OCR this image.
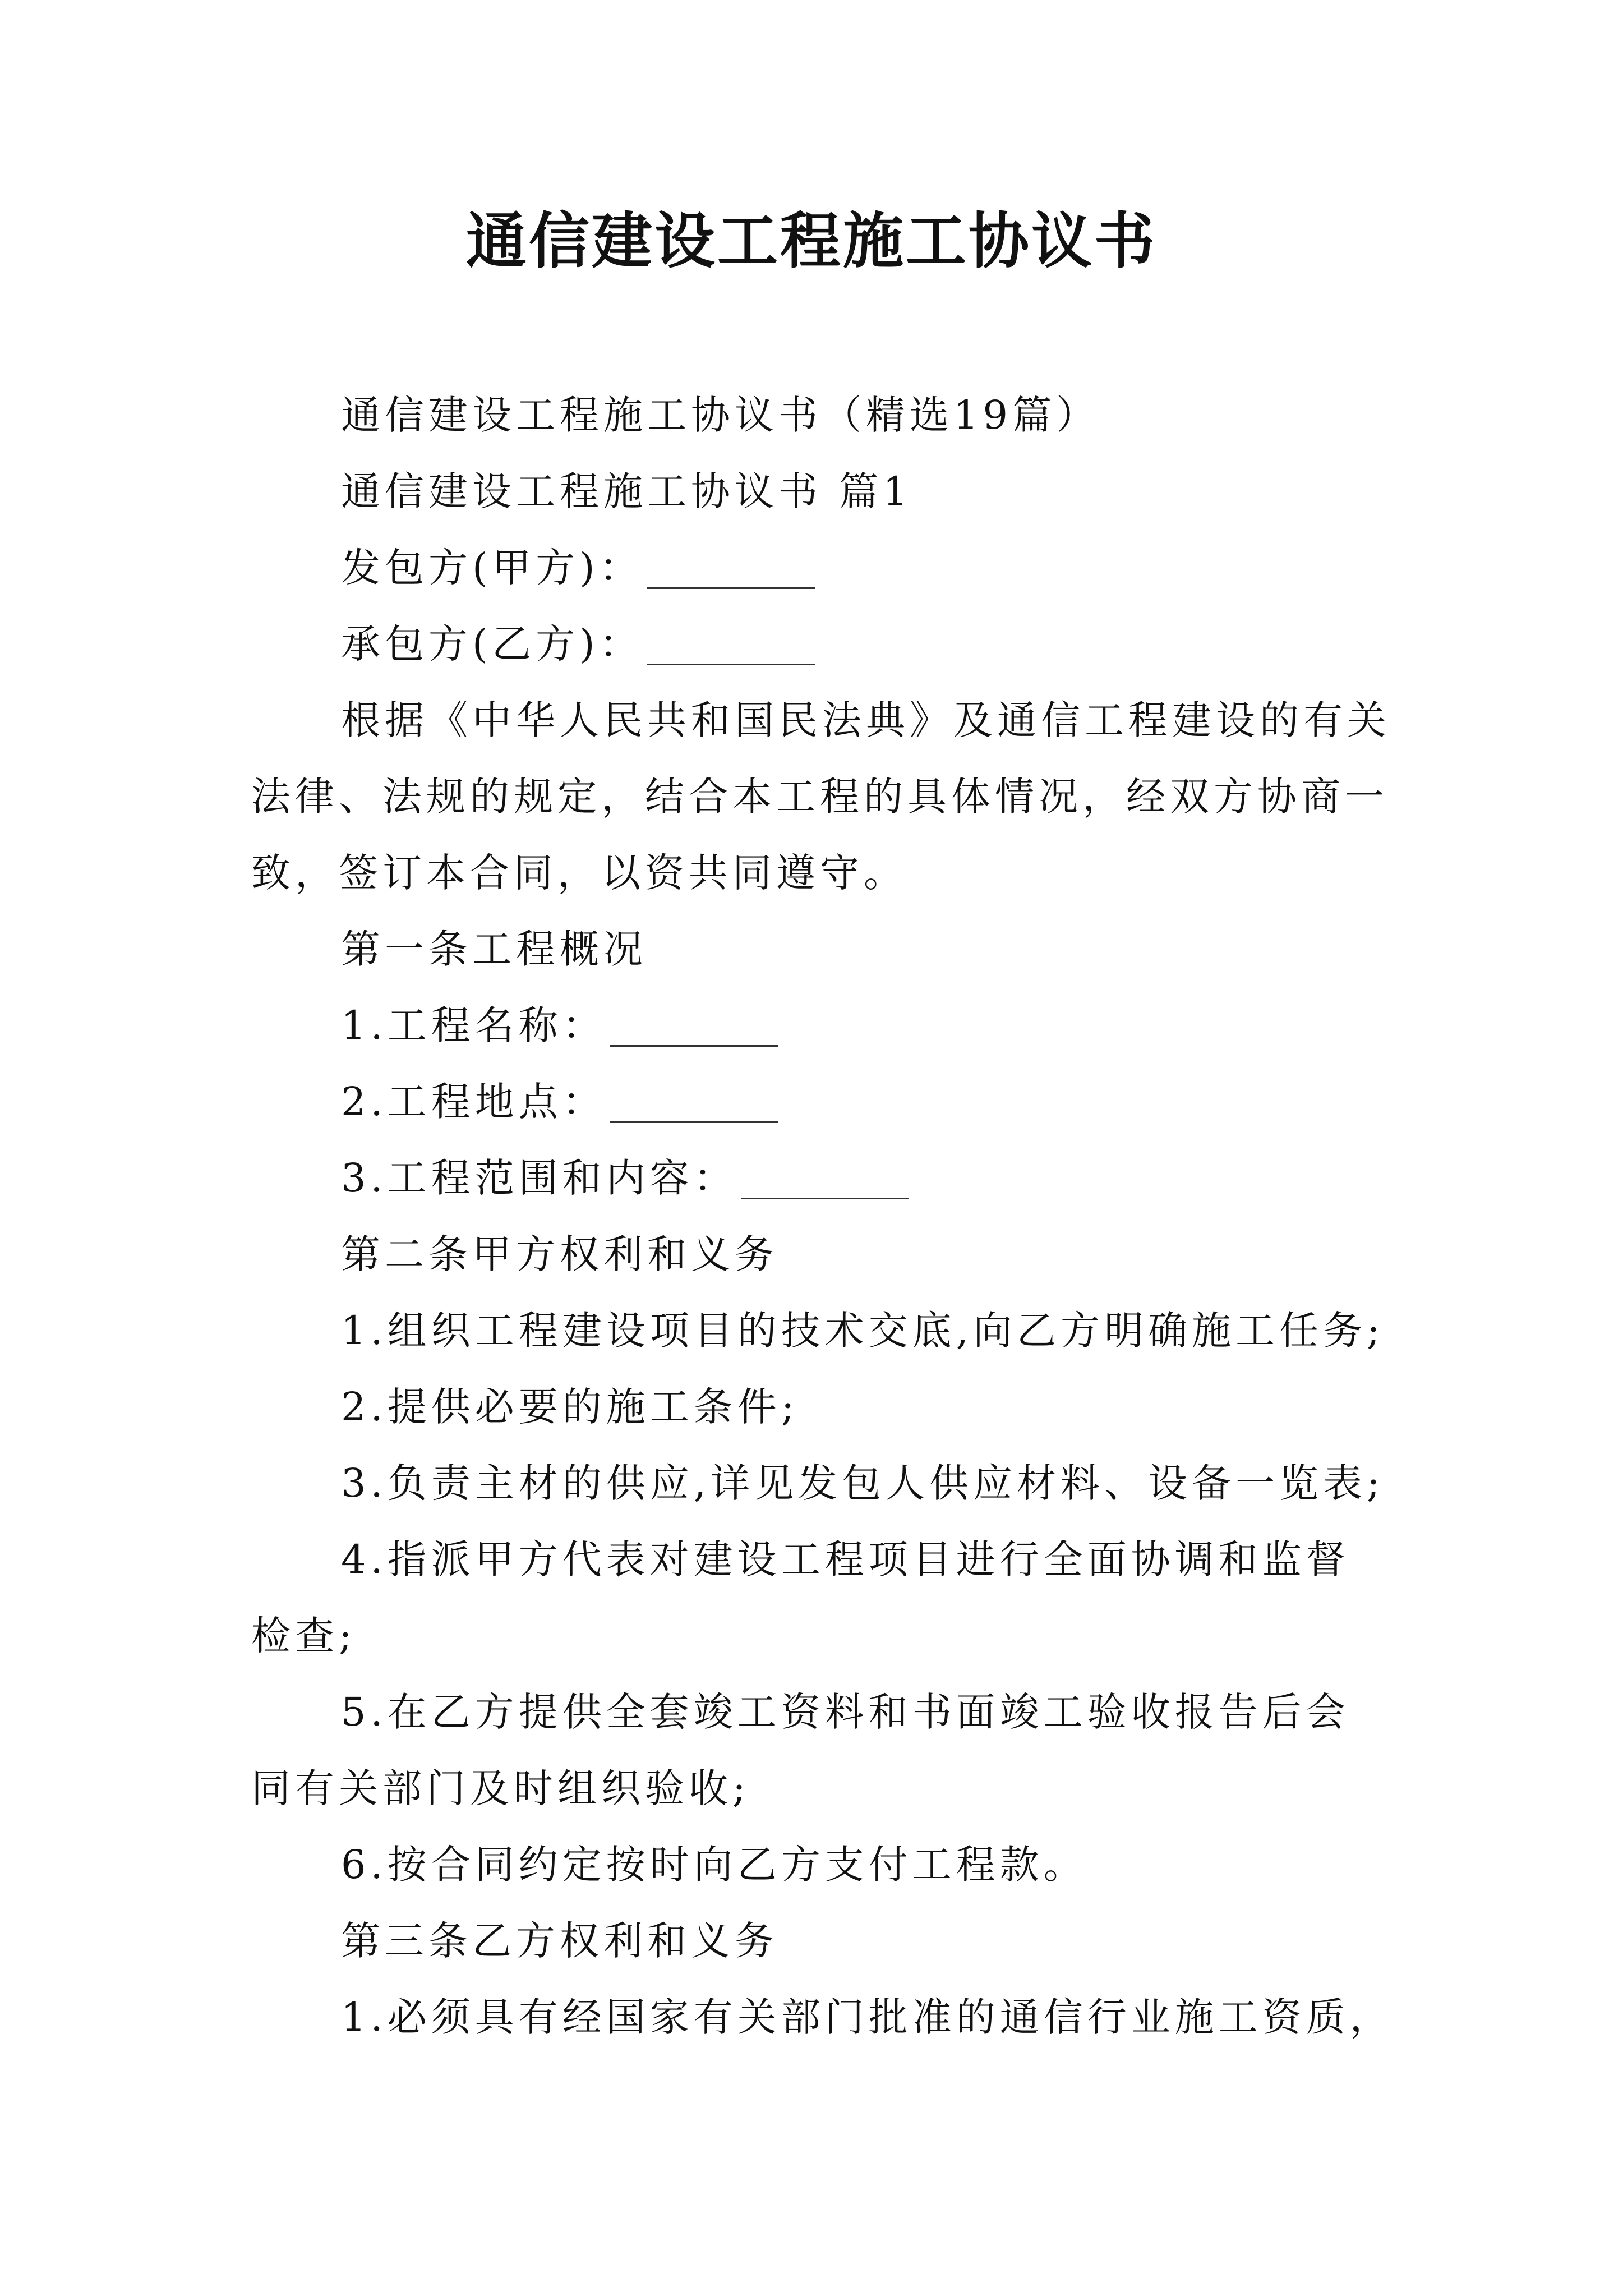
通信建设工程施工协议书
通信建设工程施工协议书（精选19篇）
通信建设工程施工协议书 篇1
发包方(甲方)：
承包方(乙方)：
根据《中华人民共和国民法典》及通信工程建设的有关
法律、法规的规定，结合本工程的具体情况，经双方协商一
致，签订本合同，以资共同遵守。
第一条工程概况
1.工程名称：
2.工程地点：
3.工程范围和内容：
第二条甲方权利和义务
1.组织工程建设项目的技术交底,向乙方明确施工任务;
2.提供必要的施工条件;
3.负责主材的供应,详见发包人供应材料、设备一览表;
4.指派甲方代表对建设工程项目进行全面协调和监督
检查;
5.在乙方提供全套竣工资料和书面竣工验收报告后会
同有关部门及时组织验收;
6.按合同约定按时向乙方支付工程款。
第三条乙方权利和义务
1.必须具有经国家有关部门批准的通信行业施工资质，
